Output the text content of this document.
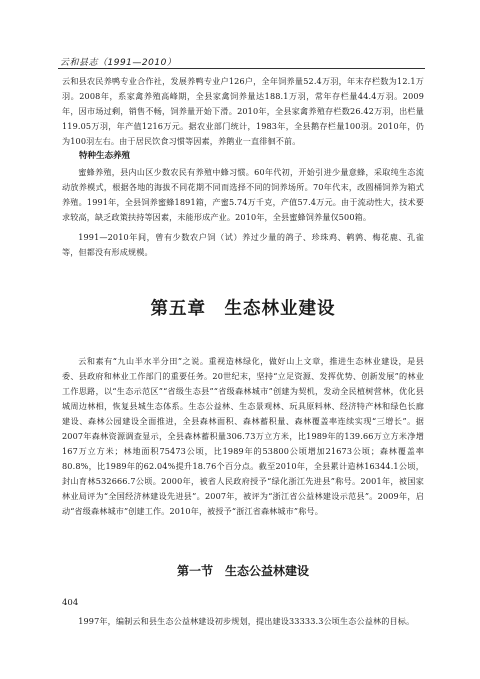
云和县志（1991—2010）

云和县农民养鸭专业合作社，发展养鸭专业户126户，全年饲养量52.4万羽，年末存栏数为12.1万羽。2008年，系家禽养殖高峰期，全县家禽饲养量达188.1万羽，常年存栏量44.4万羽。2009年，因市场过剩，销售不畅，饲养量开始下滑。2010年，全县家禽养殖存栏数26.42万羽，出栏量119.05万羽，年产值1216万元。据农业部门统计，1983年，全县鹅存栏量100羽。2010年，仍为100羽左右。由于居民饮食习惯等因素，养鹅业一直徘徊不前。

特种生态养殖

蜜蜂养殖，县内山区少数农民有养殖中蜂习惯。60年代初，开始引进少量意蜂，采取纯生态流动放养模式，根据各地的海拔不同花期不同而选择不同的饲养场所。70年代末，改圆桶饲养为箱式养殖。1991年，全县饲养蜜蜂1891箱，产蜜5.74万千克，产值57.4万元。由于流动性大，技术要求较高，缺乏政策扶持等因素，未能形成产业。2010年，全县蜜蜂饲养量仅500箱。

1991—2010年间，曾有少数农户饲（试）养过少量的鸽子、珍珠鸡、鹌鹑、梅花鹿、孔雀等，但都没有形成规模。

第五章　生态林业建设

云和素有“九山半水半分田”之说。重视造林绿化，做好山上文章，推进生态林业建设，是县委、县政府和林业工作部门的重要任务。20世纪末，坚持“立足资源、发挥优势、创新发展”的林业工作思路，以“生态示范区”“省级生态县”“省级森林城市”创建为契机，发动全民植树营林，优化县城周边林相，恢复县城生态体系。生态公益林、生态景观林、玩具原料林、经济特产林和绿色长廊建设、森林公园建设全面推进，全县森林面积、森林蓄积量、森林覆盖率连续实现“三增长”。据2007年森林资源调查显示，全县森林蓄积量306.73万立方米，比1989年的139.66万立方米净增167万立方米；林地面积75473公顷，比1989年的53800公顷增加21673公顷；森林覆盖率80.8%，比1989年的62.04%提升18.76个百分点。截至2010年，全县累计造林16344.1公顷，封山育林532666.7公顷。2000年，被省人民政府授予“绿化浙江先进县”称号。2001年，被国家林业局评为“全国经济林建设先进县”。2007年，被评为“浙江省公益林建设示范县”。2009年，启动“省级森林城市”创建工作。2010年，被授予“浙江省森林城市”称号。

第一节　生态公益林建设

1997年，编制云和县生态公益林建设初步规划，提出建设33333.3公顷生态公益林的目标。

404
